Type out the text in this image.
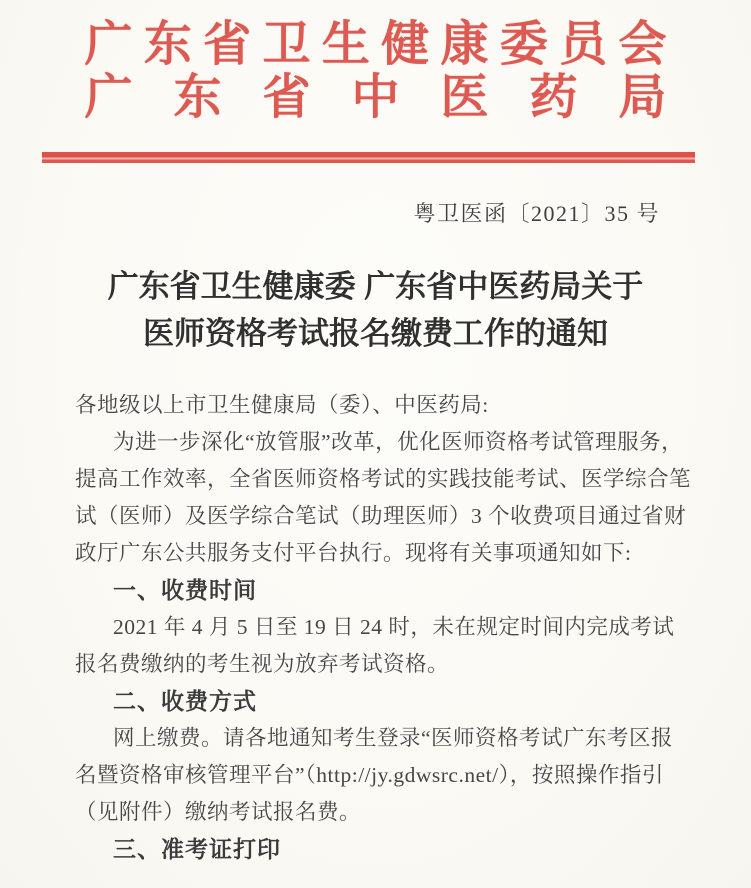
广 东 省 卫 生 健 康 委 员 会
广 东 省 中 医 药 局
粤卫医函〔2021〕35 号
广东省卫生健康委 广东省中医药局关于
医师资格考试报名缴费工作的通知
各地级以上市卫生健康局（委）、中医药局:
为进一步深化“放管服”改革，优化医师资格考试管理服务，
提高工作效率，全省医师资格考试的实践技能考试、医学综合笔
试（医师）及医学综合笔试（助理医师）3 个收费项目通过省财
政厅广东公共服务支付平台执行。现将有关事项通知如下:
一、收费时间
2021 年 4 月 5 日至 19 日 24 时，未在规定时间内完成考试
报名费缴纳的考生视为放弃考试资格。
二、收费方式
网上缴费。请各地通知考生登录“医师资格考试广东考区报
名暨资格审核管理平台”（http://jy.gdwsrc.net/），按照操作指引
（见附件）缴纳考试报名费。
三、准考证打印
